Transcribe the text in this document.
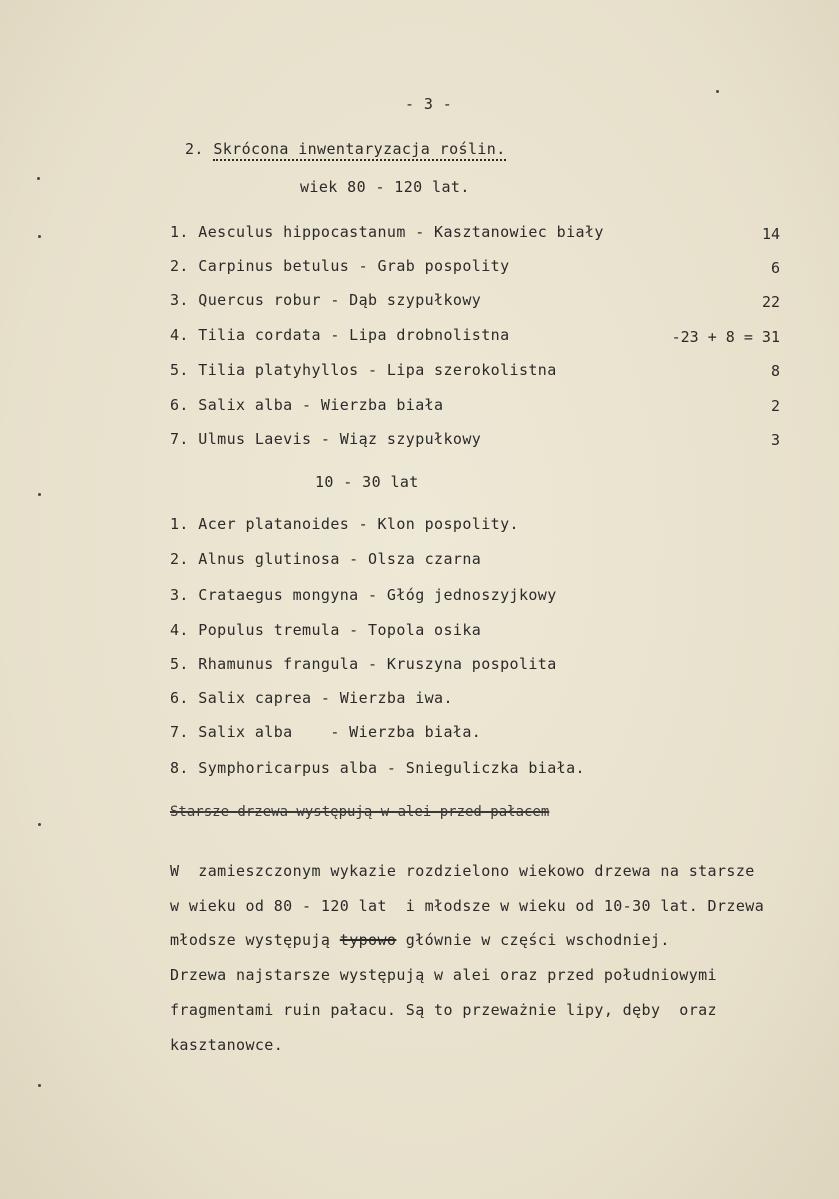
- 3 -
2. Skrócona inwentaryzacja roślin.
wiek 80 - 120 lat.
1. Aesculus hippocastanum - Kasztanowiec biały	14
2. Carpinus betulus - Grab pospolity	6
3. Quercus robur - Dąb szypułkowy	22
4. Tilia cordata - Lipa drobnolistna	-23 + 8 = 31
5. Tilia platyhyllos - Lipa szerokolistna	8
6. Salix alba - Wierzba biała	2
7. Ulmus Laevis - Wiąz szypułkowy	3
10 - 30 lat
1. Acer platanoides - Klon pospolity.
2. Alnus glutinosa - Olsza czarna
3. Crataegus mongyna - Głóg jednoszyjkowy
4. Populus tremula - Topola osika
5. Rhamunus frangula - Kruszyna pospolita
6. Salix caprea - Wierzba iwa.
7. Salix alba    - Wierzba biała.
8. Symphoricarpus alba - Snieguliczka biała.
Starsze drzewa występują w alei przed pałacem
W  zamieszczonym wykazie rozdzielono wiekowo drzewa na starsze
w wieku od 80 - 120 lat  i młodsze w wieku od 10-30 lat. Drzewa
młodsze występują typowo głównie w części wschodniej.
Drzewa najstarsze występują w alei oraz przed południowymi
fragmentami ruin pałacu. Są to przeważnie lipy, dęby  oraz
kasztanowce.
